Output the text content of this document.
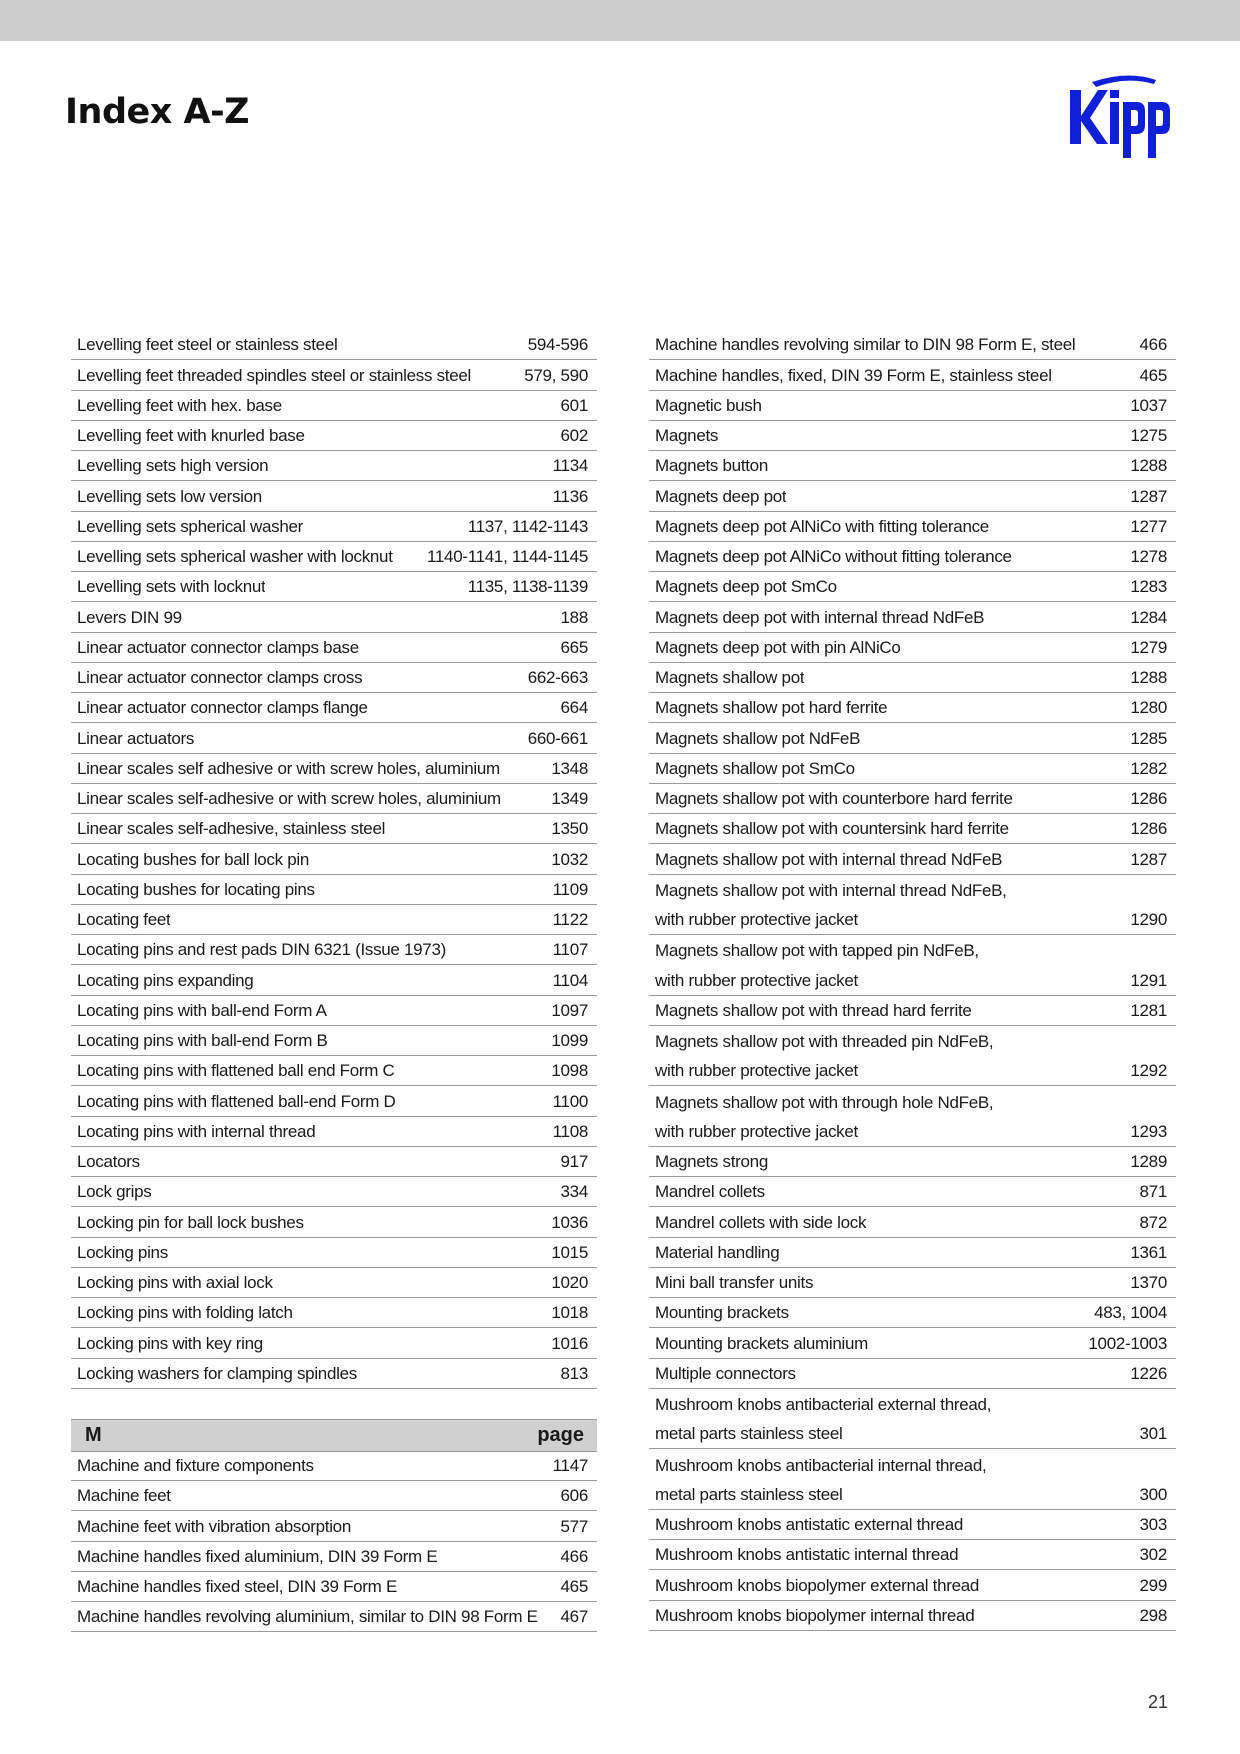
Index A-Z
Levelling feet steel or stainless steel	594-596
Levelling feet threaded spindles steel or stainless steel	579, 590
Levelling feet with hex. base	601
Levelling feet with knurled base	602
Levelling sets high version	1134
Levelling sets low version	1136
Levelling sets spherical washer	1137, 1142-1143
Levelling sets spherical washer with locknut	1140-1141, 1144-1145
Levelling sets with locknut	1135, 1138-1139
Levers DIN 99	188
Linear actuator connector clamps base	665
Linear actuator connector clamps cross	662-663
Linear actuator connector clamps flange	664
Linear actuators	660-661
Linear scales self adhesive or with screw holes, aluminium	1348
Linear scales self-adhesive or with screw holes, aluminium	1349
Linear scales self-adhesive, stainless steel	1350
Locating bushes for ball lock pin	1032
Locating bushes for locating pins	1109
Locating feet	1122
Locating pins and rest pads DIN 6321 (Issue 1973)	1107
Locating pins expanding	1104
Locating pins with ball-end Form A	1097
Locating pins with ball-end Form B	1099
Locating pins with flattened ball end Form C	1098
Locating pins with flattened ball-end Form D	1100
Locating pins with internal thread	1108
Locators	917
Lock grips	334
Locking pin for ball lock bushes	1036
Locking pins	1015
Locking pins with axial lock	1020
Locking pins with folding latch	1018
Locking pins with key ring	1016
Locking washers for clamping spindles	813
M	page
Machine and fixture components	1147
Machine feet	606
Machine feet with vibration absorption	577
Machine handles fixed aluminium, DIN 39 Form E	466
Machine handles fixed steel, DIN 39 Form E	465
Machine handles revolving aluminium, similar to DIN 98 Form E	467
Machine handles revolving similar to DIN 98 Form E, steel	466
Machine handles, fixed, DIN 39 Form E, stainless steel	465
Magnetic bush	1037
Magnets	1275
Magnets button	1288
Magnets deep pot	1287
Magnets deep pot AlNiCo with fitting tolerance	1277
Magnets deep pot AlNiCo without fitting tolerance	1278
Magnets deep pot SmCo	1283
Magnets deep pot with internal thread NdFeB	1284
Magnets deep pot with pin AlNiCo	1279
Magnets shallow pot	1288
Magnets shallow pot hard ferrite	1280
Magnets shallow pot NdFeB	1285
Magnets shallow pot SmCo	1282
Magnets shallow pot with counterbore hard ferrite	1286
Magnets shallow pot with countersink hard ferrite	1286
Magnets shallow pot with internal thread NdFeB	1287
Magnets shallow pot with internal thread NdFeB,
with rubber protective jacket	1290
Magnets shallow pot with tapped pin NdFeB,
with rubber protective jacket	1291
Magnets shallow pot with thread hard ferrite	1281
Magnets shallow pot with threaded pin NdFeB,
with rubber protective jacket	1292
Magnets shallow pot with through hole NdFeB,
with rubber protective jacket	1293
Magnets strong	1289
Mandrel collets	871
Mandrel collets with side lock	872
Material handling	1361
Mini ball transfer units	1370
Mounting brackets	483, 1004
Mounting brackets aluminium	1002-1003
Multiple connectors	1226
Mushroom knobs antibacterial external thread,
metal parts stainless steel	301
Mushroom knobs antibacterial internal thread,
metal parts stainless steel	300
Mushroom knobs antistatic external thread	303
Mushroom knobs antistatic internal thread	302
Mushroom knobs biopolymer external thread	299
Mushroom knobs biopolymer internal thread	298
21
